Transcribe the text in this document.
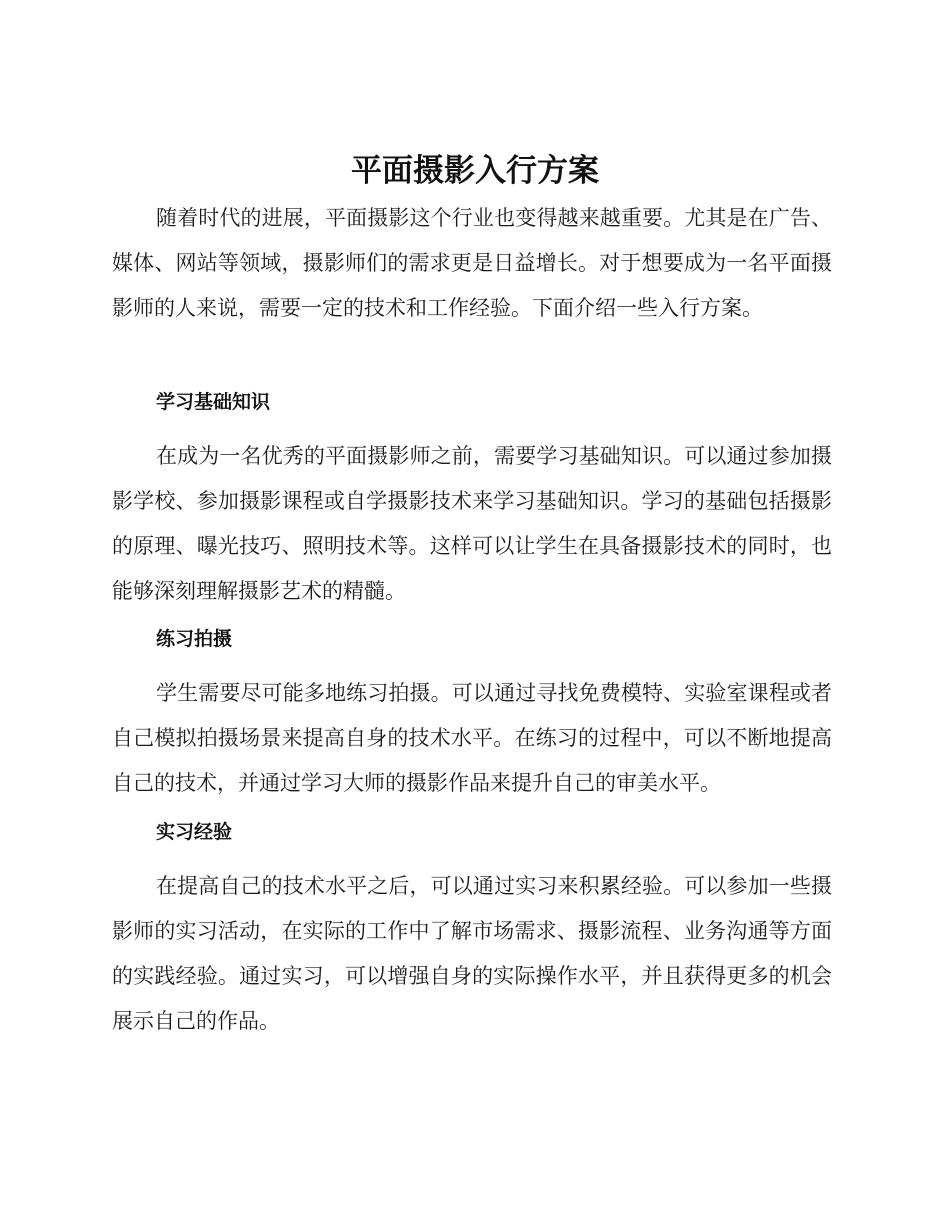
平面摄影入行方案

随着时代的进展，平面摄影这个行业也变得越来越重要。尤其是在广告、媒体、网站等领域，摄影师们的需求更是日益增长。对于想要成为一名平面摄影师的人来说，需要一定的技术和工作经验。下面介绍一些入行方案。

学习基础知识

在成为一名优秀的平面摄影师之前，需要学习基础知识。可以通过参加摄影学校、参加摄影课程或自学摄影技术来学习基础知识。学习的基础包括摄影的原理、曝光技巧、照明技术等。这样可以让学生在具备摄影技术的同时，也能够深刻理解摄影艺术的精髓。

练习拍摄

学生需要尽可能多地练习拍摄。可以通过寻找免费模特、实验室课程或者自己模拟拍摄场景来提高自身的技术水平。在练习的过程中，可以不断地提高自己的技术，并通过学习大师的摄影作品来提升自己的审美水平。

实习经验

在提高自己的技术水平之后，可以通过实习来积累经验。可以参加一些摄影师的实习活动，在实际的工作中了解市场需求、摄影流程、业务沟通等方面的实践经验。通过实习，可以增强自身的实际操作水平，并且获得更多的机会展示自己的作品。
